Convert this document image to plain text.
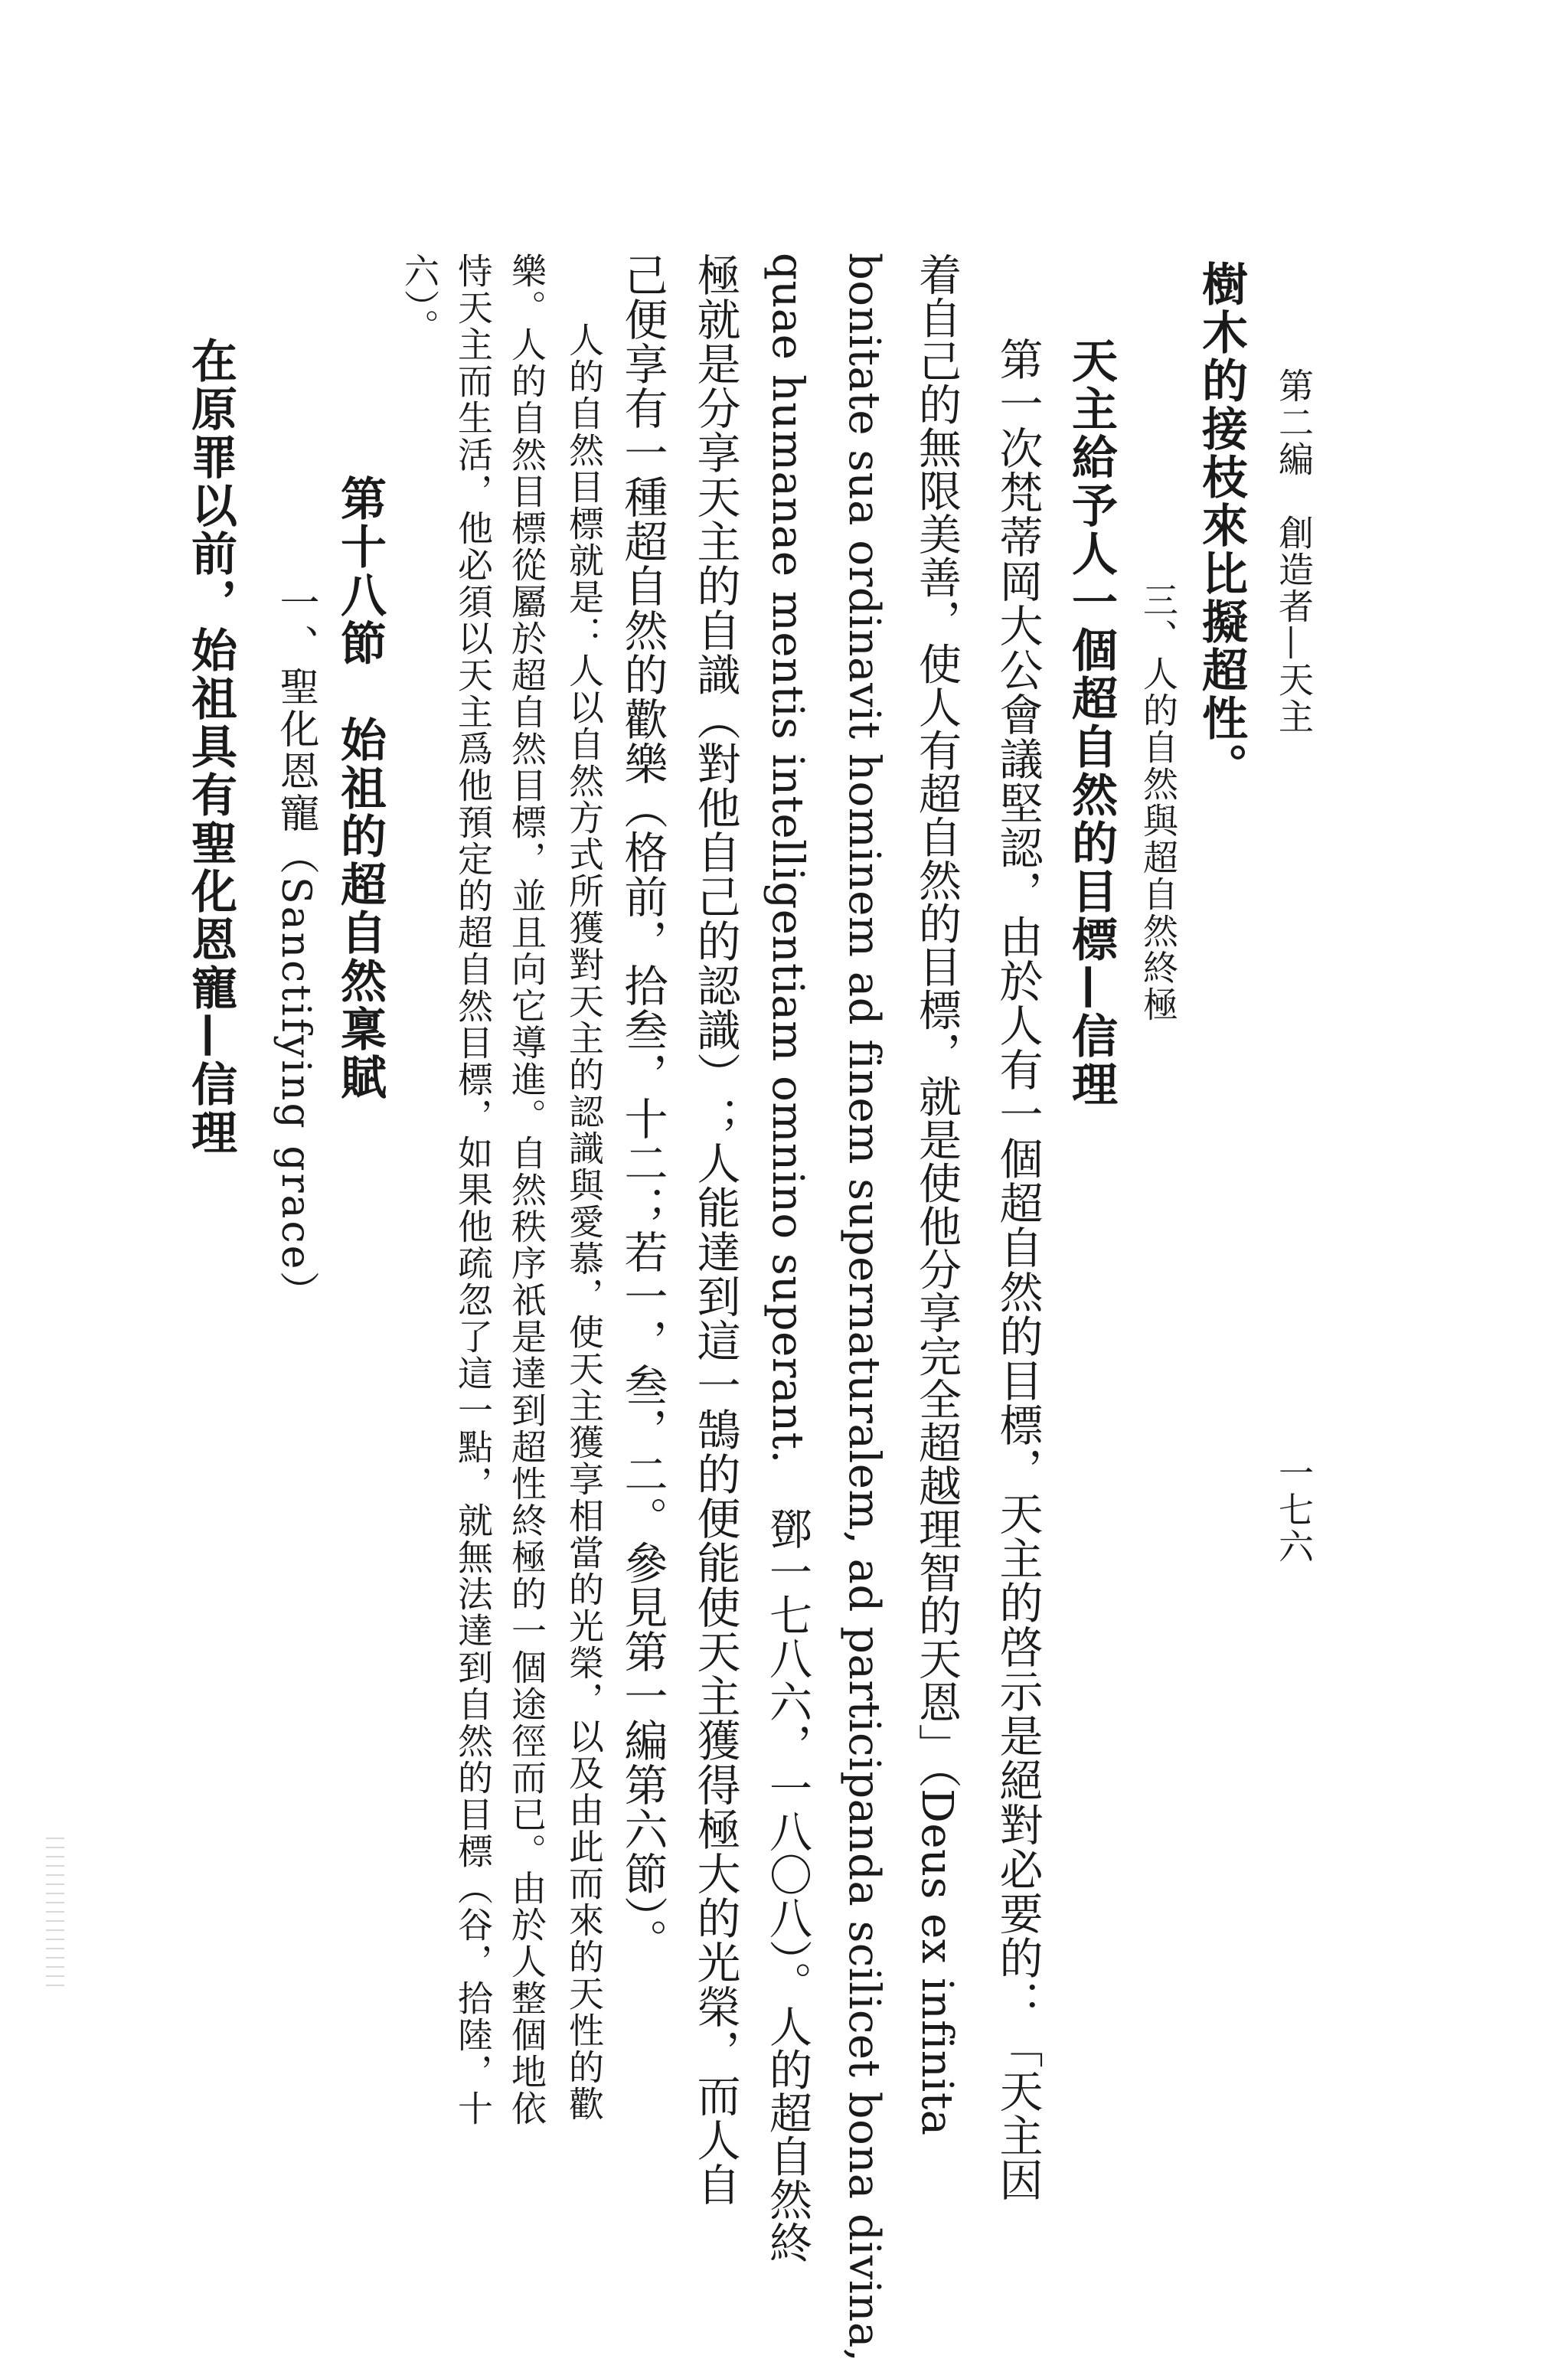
第二編　創造者—天主
一七六
樹木的接枝來比擬超性。
三、人的自然與超自然終極
天主給予人一個超自然的目標—信理
第一次梵蒂岡大公會議堅認，由於人有一個超自然的目標，天主的啓示是絕對必要的：「天主因
着自己的無限美善，使人有超自然的目標，就是使他分享完全超越理智的天恩」（Deus ex infinita
bonitate sua ordinavit hominem ad finem supernaturalem, ad participanda scilicet bona divina,
quae humanae mentis intelligentiam omnino superant.　鄧一七八六，一八〇八）。人的超自然終
極就是分享天主的自識（對他自己的認識）；人能達到這一鵠的便能使天主獲得極大的光榮，而人自
己便享有一種超自然的歡樂（格前，拾叁，十二；若一，叁，二。參見第一編第六節）。
人的自然目標就是：人以自然方式所獲對天主的認識與愛慕，使天主獲享相當的光榮，以及由此而來的天性的歡
樂。人的自然目標從屬於超自然目標，並且向它導進。自然秩序祇是達到超性終極的一個途徑而已。由於人整個地依
恃天主而生活，他必須以天主爲他預定的超自然目標，如果他疏忽了這一點，就無法達到自然的目標（谷，拾陸，十
六）。
第十八節　始祖的超自然稟賦
一、聖化恩寵（Sanctifying grace）
在原罪以前，始祖具有聖化恩寵—信理
